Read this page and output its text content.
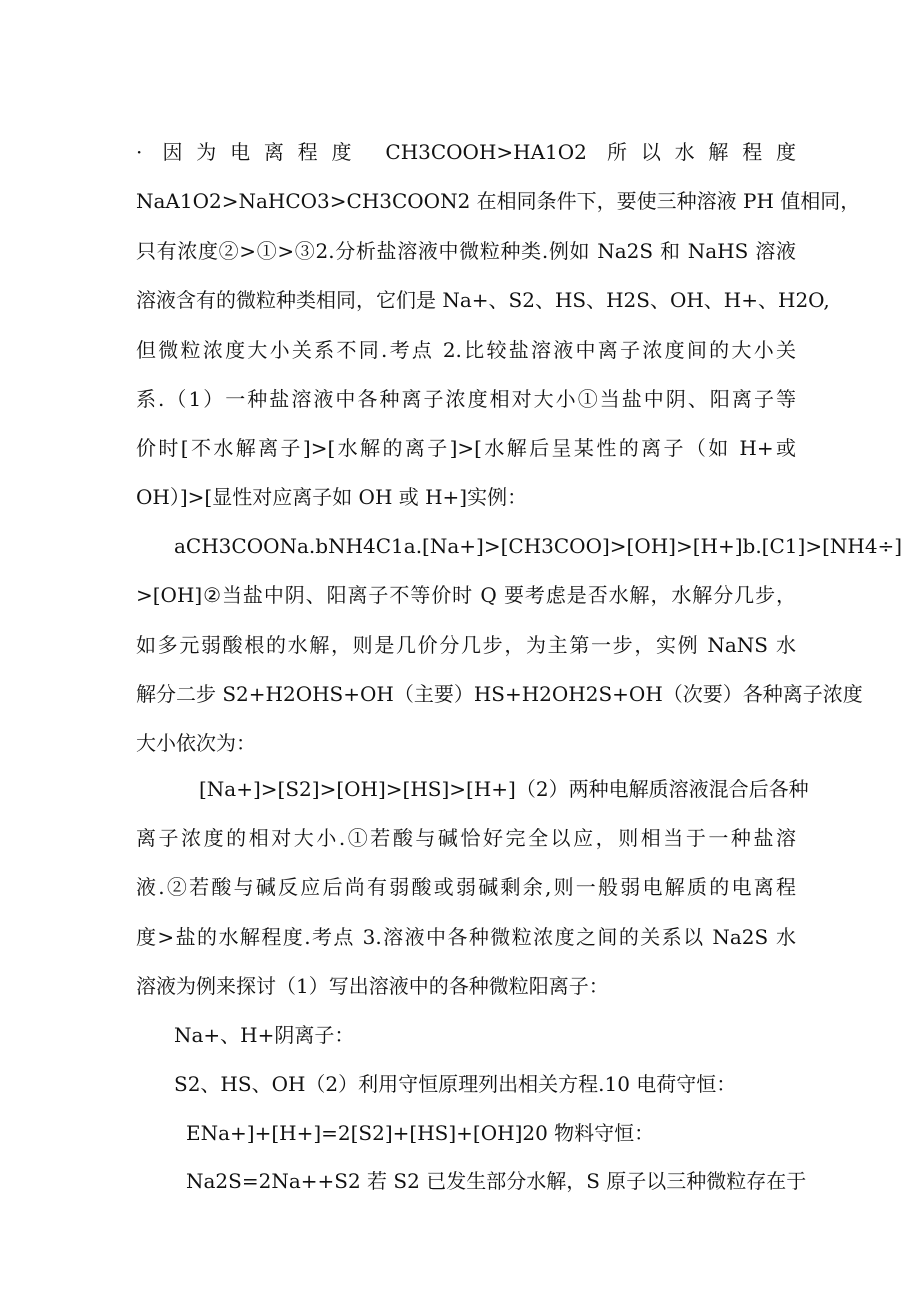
· 因为电离程度 CH3COOH>HA1O2 所以水解程度
NaA1O2>NaHCO3>CH3COON2 在相同条件下，要使三种溶液 PH 值相同，
只有浓度②>①>③2.分析盐溶液中微粒种类.例如 Na2S 和 NaHS 溶液
溶液含有的微粒种类相同，它们是 Na+、S2、HS、H2S、OH、H+、H2O,
但微粒浓度大小关系不同.考点 2.比较盐溶液中离子浓度间的大小关
系.（1）一种盐溶液中各种离子浓度相对大小①当盐中阴、阳离子等
价时[不水解离子]>[水解的离子]>[水解后呈某性的离子（如 H+或
OH）]>[显性对应离子如 OH 或 H+]实例：
aCH3COONa.bNH4C1a.[Na+]>[CH3COO]>[OH]>[H+]b.[C1]>[NH4÷]
>[OH]②当盐中阴、阳离子不等价时 Q 要考虑是否水解，水解分几步，
如多元弱酸根的水解，则是几价分几步，为主第一步，实例 NaNS 水
解分二步 S2+H2OHS+OH（主要）HS+H2OH2S+OH（次要）各种离子浓度
大小依次为：
[Na+]>[S2]>[OH]>[HS]>[H+]（2）两种电解质溶液混合后各种
离子浓度的相对大小.①若酸与碱恰好完全以应，则相当于一种盐溶
液.②若酸与碱反应后尚有弱酸或弱碱剩余,则一般弱电解质的电离程
度>盐的水解程度.考点 3.溶液中各种微粒浓度之间的关系以 Na2S 水
溶液为例来探讨（1）写出溶液中的各种微粒阳离子：
Na+、H+阴离子：
S2、HS、OH（2）利用守恒原理列出相关方程.10 电荷守恒：
ENa+]+[H+]=2[S2]+[HS]+[OH]20 物料守恒：
Na2S=2Na++S2 若 S2 已发生部分水解，S 原子以三种微粒存在于
